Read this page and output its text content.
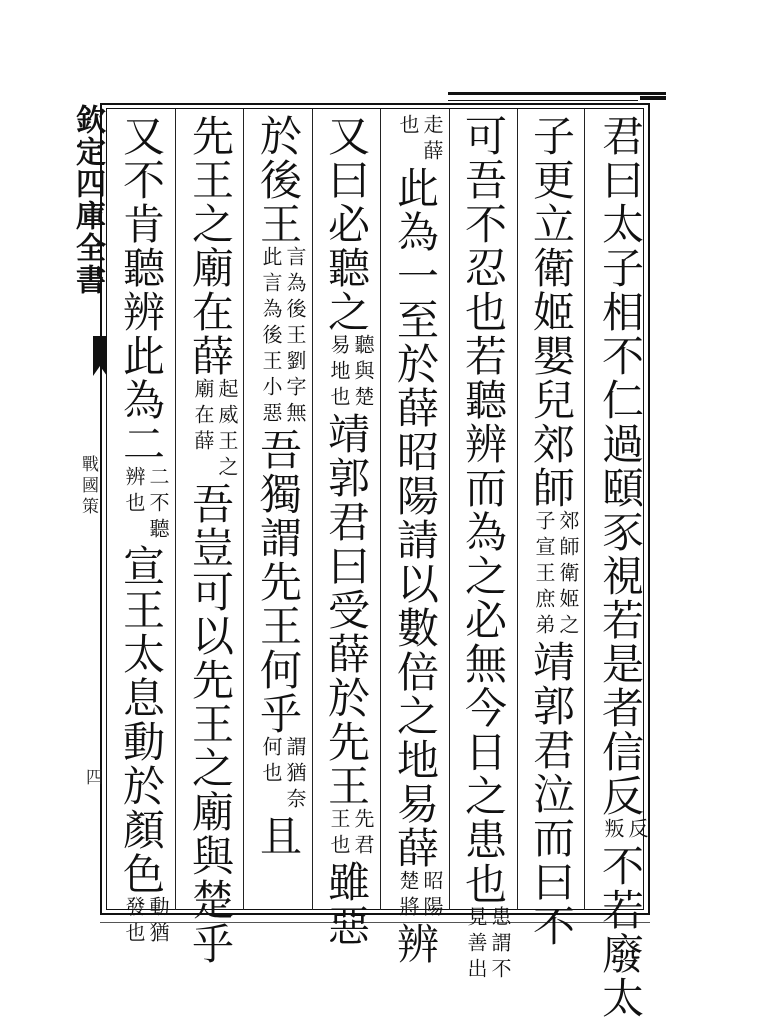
欽定四庫全書
戰國策
四	君曰太子相不仁過頤豕視若是者信反反叛不若廢太
子更立衛姬嬰兒郊師郊師衛姬之子宣王庶弟靖郭君泣而曰不
可吾不忍也若聽辨而為之必無今日之患也患謂不見善出
走薛也此為一至於薛昭陽請以數倍之地易薛昭陽楚將辨
又曰必聽之聽與楚易地也靖郭君曰受薛於先王先君王也雖惡
於後王言為後王劉字無此言為後王小惡吾獨謂先王何乎謂猶奈何也且
先王之廟在薛起威王之廟在薛吾豈可以先王之廟與楚乎
又不肯聽辨此為二二不聽辨也宣王太息動於顏色動猶發也
